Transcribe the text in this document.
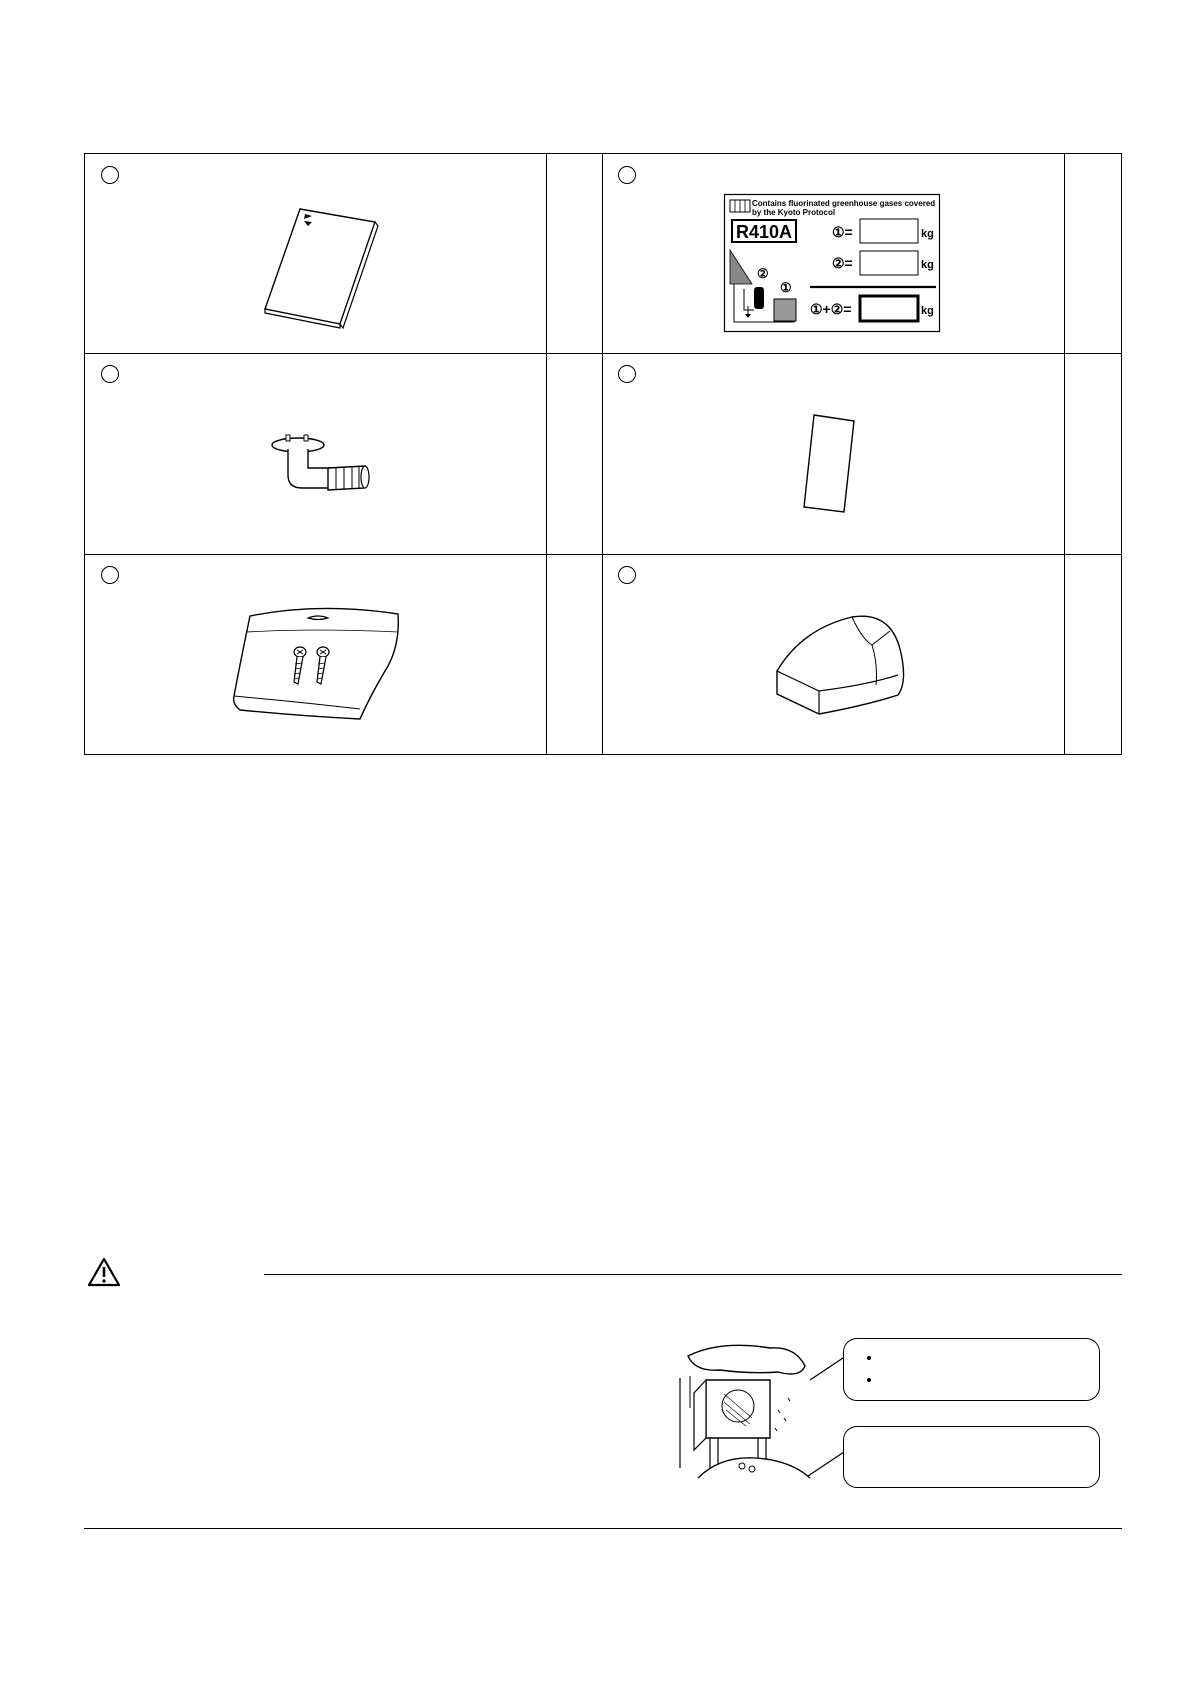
Contains fluorinated greenhouse gases covered
by the Kyoto Protocol
R410A	①=	kg
②=	kg
①+②=	kg
②
①
